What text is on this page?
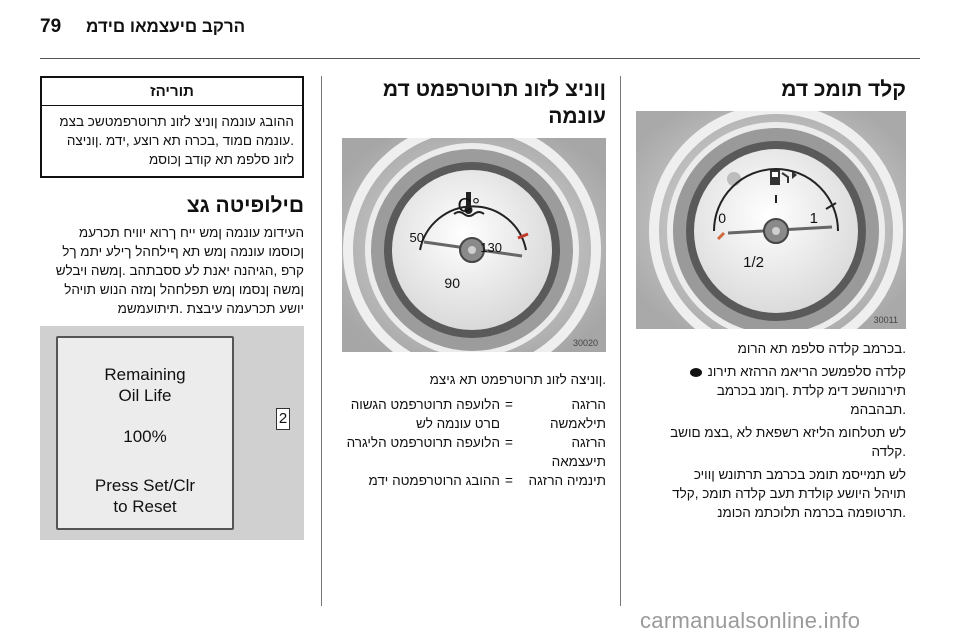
79 הרקב םיעצמאו םידמ
קלד תומכ דמ
0	1
1/2
30011

.בכרמב קלדה סלפמ תא הרומ

קלדה סלפמשכ הריאמ הרהזא תירונ

תירנוהשכ דימ קלדת .ךומנ בכרמב

.תבהבהמ

לש תטלחומ הליזא רשפאת לא ,בצמ םושב

.קלדה

לש תמייסמ תומכ בכרמב תרתונש ןוויכ

תויהל היושע קולדת תעב קלדה תומכ ,קלד

.תרטופמה בכרמה תלוכתמ הכומנ

ןוניצ לזונ תרוטרפמט דמ
עונמה
°C
50
130
90
30020

.ןוניצה לזונ תרוטרפמט תא גיצמ

הרזגה תילאמשה
=
הלועפה תרוטרפמט הגשוה םרט עונמה לש
הרזגה תיעצמאה
=
הלועפה תרוטרפמט הליגרה
תינמיה הרזגה
=
ההובג הרוטרפמטה ידמ
תוריהז
ההובג עונמה ןוניצ לזונ תרוטרפמטשכ בצמ .עונמה םמוד ,בכרה תא רוצע ,ידמ .ןוניצה לזונ סלפמ תא קודב ןכוסמ
םילופיטה גצ

העידומ עונמה ןמש ייח ךרוא יוויח תכרעמ ןכוסמו עונמה ןמש תא ףילחהל ךילע יתמ ךל קרפ ,הגיהנה יאנת לע ססבתהב .ןמשה ויבלש ןמשה ןנסמו ןמש תפלחהל ןמזה הנוש תויהל יושע תכרעמה עיבצת .תיתועמשמ

Remaining
Oil Life
100%
Press Set/Clr
to Reset
2
carmanualsonline.info
